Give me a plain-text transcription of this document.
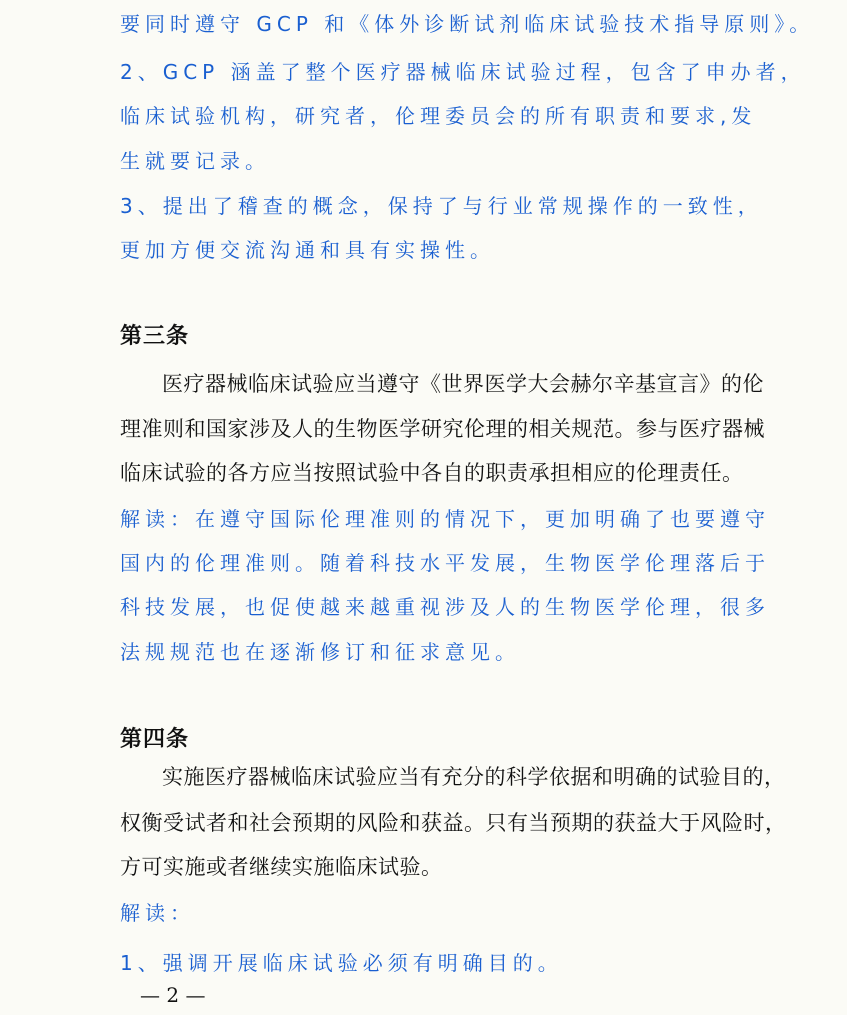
要同时遵守 GCP 和《体外诊断试剂临床试验技术指导原则》。
2、GCP 涵盖了整个医疗器械临床试验过程，包含了申办者，
临床试验机构，研究者，伦理委员会的所有职责和要求,发
生就要记录。
3、提出了稽查的概念，保持了与行业常规操作的一致性，
更加方便交流沟通和具有实操性。
第三条
医疗器械临床试验应当遵守《世界医学大会赫尔辛基宣言》的伦
理准则和国家涉及人的生物医学研究伦理的相关规范。参与医疗器械
临床试验的各方应当按照试验中各自的职责承担相应的伦理责任。
解读：在遵守国际伦理准则的情况下，更加明确了也要遵守
国内的伦理准则。随着科技水平发展，生物医学伦理落后于
科技发展，也促使越来越重视涉及人的生物医学伦理，很多
法规规范也在逐渐修订和征求意见。
第四条
实施医疗器械临床试验应当有充分的科学依据和明确的试验目的，
权衡受试者和社会预期的风险和获益。只有当预期的获益大于风险时，
方可实施或者继续实施临床试验。
解读：
1、强调开展临床试验必须有明确目的。
— 2 —
